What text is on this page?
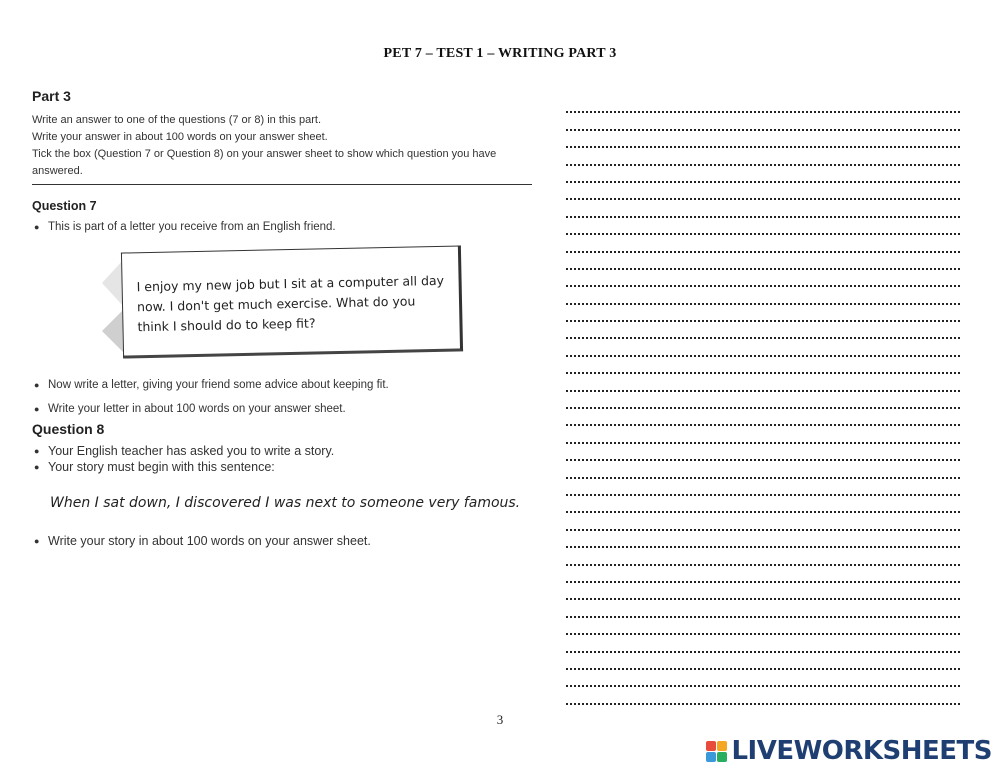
PET 7 – TEST 1 – WRITING PART 3
Part 3

Write an answer to one of the questions (7 or 8) in this part.

Write your answer in about 100 words on your answer sheet.

Tick the box (Question 7 or Question 8) on your answer sheet to show which question you have answered.

Question 7
● This is part of a letter you receive from an English friend.
I enjoy my new job but I sit at a computer all day now. I don't get much exercise. What do you think I should do to keep fit?
● Now write a letter, giving your friend some advice about keeping fit.
● Write your letter in about 100 words on your answer sheet.
Question 8
● Your English teacher has asked you to write a story.
● Your story must begin with this sentence:
When I sat down, I discovered I was next to someone very famous.
● Write your story in about 100 words on your answer sheet.
3
LIVEWORKSHEETS
